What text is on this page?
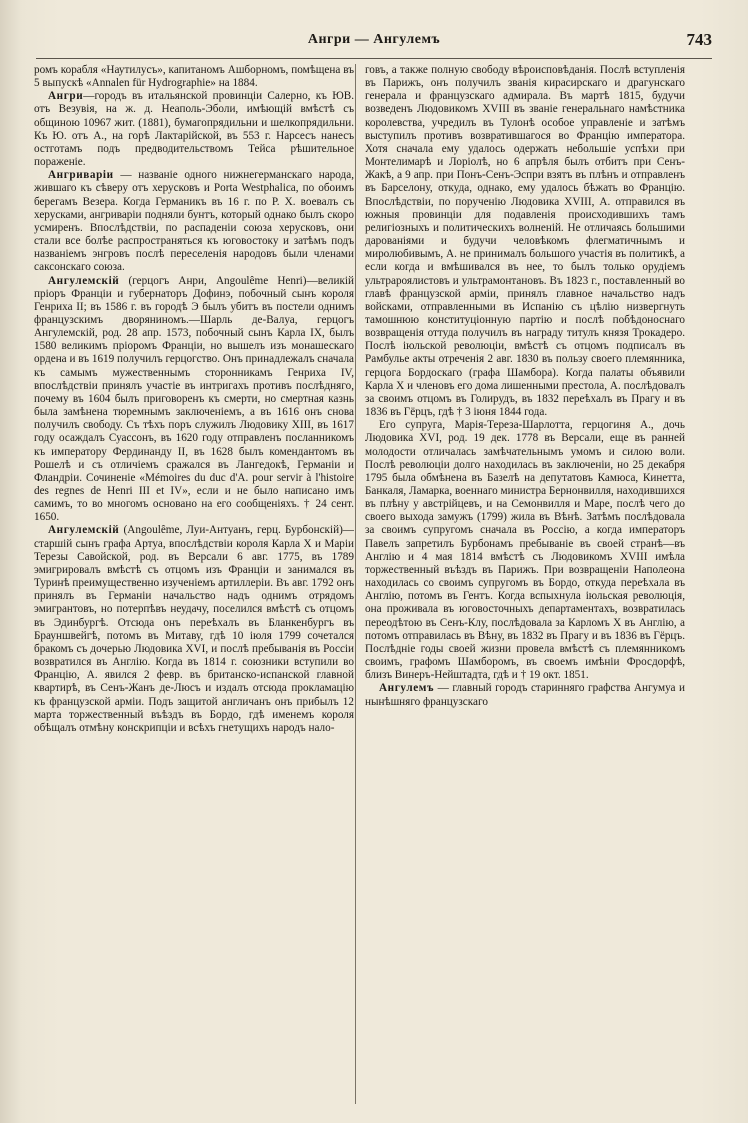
Ангри — Ангулемъ	743

ромъ корабля «Наутилусъ», капитаномъ Ашборномъ, помѣщена въ 5 выпускѣ «Annalen für Hydrographie» на 1884.

Ангри—городъ въ итальянской провинціи Салерно, къ ЮВ. отъ Везувія, на ж. д. Неаполь-Эболи, имѣющій вмѣстѣ съ общиною 10967 жит. (1881), бумагопрядильни и шелкопрядильни. Къ Ю. отъ А., на горѣ Лактарійской, въ 553 г. Нарсесъ нанесъ остготамъ подъ предводительствомъ Тейса рѣшительное пораженіе.

Ангриваріи — названіе одного нижнегерманскаго народа, жившаго къ сѣверу отъ херусковъ и Porta Westphalica, по обоимъ берегамъ Везера. Когда Германикъ въ 16 г. по Р. Х. воевалъ съ херусками, ангриваріи подняли бунтъ, который однако былъ скоро усмиренъ. Впослѣдствіи, по распаденіи союза херусковъ, они стали все болѣе распространяться къ юговостоку и затѣмъ подъ названіемъ энгровъ послѣ переселенія народовъ были членами саксонскаго союза.

Ангулемскій (герцогъ Анри, Angoulême Henri)—великій пріоръ Франціи и губернаторъ Дофинэ, побочный сынъ короля Генриха II; въ 1586 г. въ городѣ Э былъ убитъ въ постели однимъ французскимъ дворяниномъ.—Шарль де-Валуа, герцогъ Ангулемскій, род. 28 апр. 1573, побочный сынъ Карла IX, былъ 1580 великимъ пріоромъ Франціи, но вышелъ изъ монашескаго ордена и въ 1619 получилъ герцогство. Онъ принадлежалъ сначала къ самымъ мужественнымъ сторонникамъ Генриха IV, впослѣдствіи принялъ участіе въ интригахъ противъ послѣдняго, почему въ 1604 былъ приговоренъ къ смерти, но смертная казнь была замѣнена тюремнымъ заключеніемъ, а въ 1616 онъ снова получилъ свободу. Съ тѣхъ поръ служилъ Людовику XIII, въ 1617 году осаждалъ Суассонъ, въ 1620 году отправленъ посланникомъ къ императору Фердинанду II, въ 1628 былъ комендантомъ въ Рошелѣ и съ отличіемъ сражался въ Лангедокѣ, Германіи и Фландріи. Сочиненіе «Mémoires du duc d'A. pour servir à l'histoire des regnes de Henri III et IV», если и не было написано имъ самимъ, то во многомъ основано на его сообщеніяхъ. † 24 сент. 1650.

Ангулемскій (Angoulême, Луи-Антуанъ, герц. Бурбонскій)—старшій сынъ графа Артуа, впослѣдствіи короля Карла X и Маріи Терезы Савойской, род. въ Версали 6 авг. 1775, въ 1789 эмигрировалъ вмѣстѣ съ отцомъ изъ Франціи и занимался въ Туринѣ преимущественно изученіемъ артиллеріи. Въ авг. 1792 онъ принялъ въ Германіи начальство надъ однимъ отрядомъ эмигрантовъ, но потерпѣвъ неудачу, поселился вмѣстѣ съ отцомъ въ Эдинбургѣ. Отсюда онъ переѣхалъ въ Бланкенбургъ въ Брауншвейгѣ, потомъ въ Митаву, гдѣ 10 іюля 1799 сочетался бракомъ съ дочерью Людовика XVI, и послѣ пребыванія въ Россіи возвратился въ Англію. Когда въ 1814 г. союзники вступили во Францію, А. явился 2 февр. въ британско-испанской главной квартирѣ, въ Сенъ-Жанъ де-Люсъ и издалъ отсюда прокламацію къ французской арміи. Подъ защитой англичанъ онъ прибылъ 12 марта торжественный въѣздъ въ Бордо, гдѣ именемъ короля обѣщалъ отмѣну конскрипціи и всѣхъ гнетущихъ народъ нало-

говъ, а также полную свободу вѣроисповѣданія. Послѣ вступленія въ Парижъ, онъ получилъ званія кирасирскаго и драгунскаго генерала и французскаго адмирала. Въ мартѣ 1815, будучи возведенъ Людовикомъ XVIII въ званіе генеральнаго намѣстника королевства, учредилъ въ Тулонѣ особое управленіе и затѣмъ выступилъ противъ возвратившагося во Францію императора. Хотя сначала ему удалось одержать небольшіе успѣхи при Монтелимарѣ и Лоріолѣ, но 6 апрѣля былъ отбитъ при Сенъ-Жакѣ, а 9 апр. при Понъ-Сенъ-Эспри взятъ въ плѣнъ и отправленъ въ Барселону, откуда, однако, ему удалось бѣжать во Францію. Впослѣдствіи, по порученію Людовика XVIII, А. отправился въ южныя провинціи для подавленія происходившихъ тамъ религіозныхъ и политическихъ волненій. Не отличаясь большими дарованіями и будучи человѣкомъ флегматичнымъ и миролюбивымъ, А. не принималъ большого участія въ политикѣ, а если когда и вмѣшивался въ нее, то былъ только орудіемъ ультрароялистовъ и ультрамонтановъ. Въ 1823 г., поставленный во главѣ французской арміи, принялъ главное начальство надъ войсками, отправленными въ Испанію съ цѣлію низвергнуть тамошнюю конституціонную партію и послѣ побѣдоноснаго возвращенія оттуда получилъ въ награду титулъ князя Трокадеро. Послѣ іюльской революціи, вмѣстѣ съ отцомъ подписалъ въ Рамбулье акты отреченія 2 авг. 1830 въ пользу своего племянника, герцога Бордоскаго (графа Шамбора). Когда палаты объявили Карла X и членовъ его дома лишенными престола, А. послѣдовалъ за своимъ отцомъ въ Голирудъ, въ 1832 переѣхалъ въ Прагу и въ 1836 въ Гёрцъ, гдѣ † 3 іюня 1844 года.

Его супруга, Марія-Тереза-Шарлотта, герцогиня А., дочь Людовика XVI, род. 19 дек. 1778 въ Версали, еще въ ранней молодости отличалась замѣчательнымъ умомъ и силою воли. Послѣ революціи долго находилась въ заключеніи, но 25 декабря 1795 была обмѣнена въ Базелѣ на депутатовъ Камюса, Кинетта, Банкаля, Ламарка, военнаго министра Бернонвилля, находившихся въ плѣну у австрійцевъ, и на Семонвилля и Маре, послѣ чего до своего выхода замужъ (1799) жила въ Вѣнѣ. Затѣмъ послѣдовала за своимъ супругомъ сначала въ Россію, а когда императоръ Павелъ запретилъ Бурбонамъ пребываніе въ своей странѣ—въ Англію и 4 мая 1814 вмѣстѣ съ Людовикомъ XVIII имѣла торжественный въѣздъ въ Парижъ. При возвращеніи Наполеона находилась со своимъ супругомъ въ Бордо, откуда переѣхала въ Англію, потомъ въ Гентъ. Когда вспыхнула іюльская революція, она проживала въ юговосточныхъ департаментахъ, возвратилась переодѣтою въ Сенъ-Клу, послѣдовала за Карломъ X въ Англію, а потомъ отправилась въ Вѣну, въ 1832 въ Прагу и въ 1836 въ Гёрцъ. Послѣдніе годы своей жизни провела вмѣстѣ съ племянникомъ своимъ, графомъ Шамборомъ, въ своемъ имѣніи Фросдорфѣ, близъ Винеръ-Нейштадта, гдѣ и † 19 окт. 1851.

Ангулемъ — главный городъ старинняго графства Ангумуа и нынѣшняго французскаго
